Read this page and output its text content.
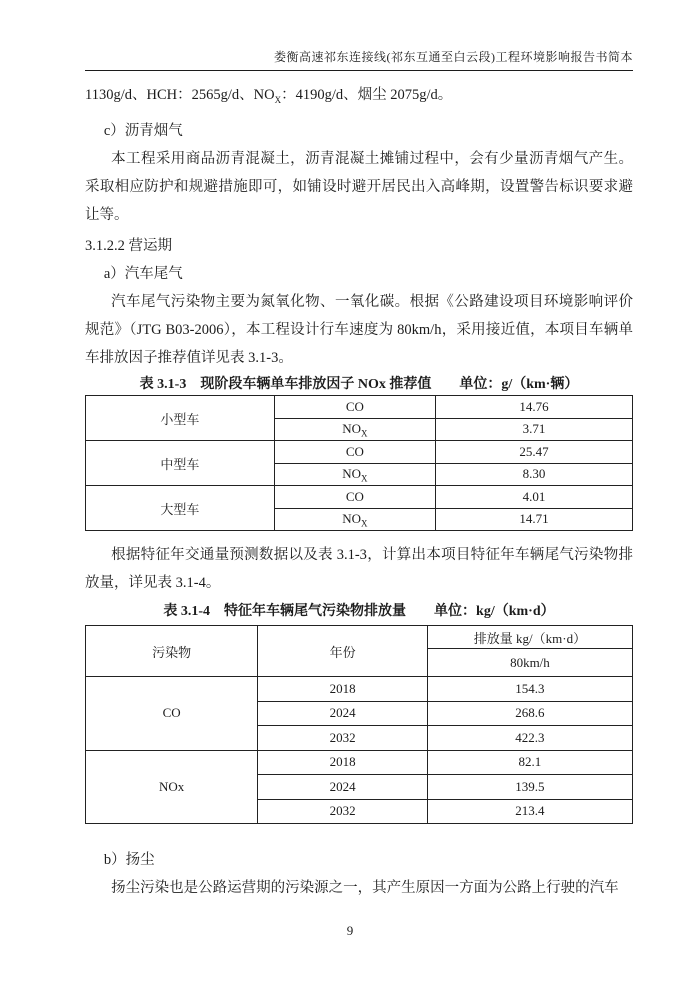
娄衡高速祁东连接线(祁东互通至白云段)工程环境影响报告书简本

1130g/d、HCH：2565g/d、$NO_X$：4190g/d、烟尘 2075g/d。

c）沥青烟气

本工程采用商品沥青混凝土，沥青混凝土摊铺过程中，会有少量沥青烟气产生。采取相应防护和规避措施即可，如铺设时避开居民出入高峰期，设置警告标识要求避让等。

3.1.2.2 营运期

a）汽车尾气

汽车尾气污染物主要为氮氧化物、一氧化碳。根据《公路建设项目环境影响评价规范》（JTG B03-2006），本工程设计行车速度为 80km/h，采用接近值，本项目车辆单车排放因子推荐值详见表 3.1-3。

表 3.1-3 现阶段车辆单车排放因子 NOx 推荐值 单位：g/（km·辆）
小型车	CO	14.76
	$NO_X$	3.71
中型车	CO	25.47
	$NO_X$	8.30
大型车	CO	4.01
	$NO_X$	14.71

根据特征年交通量预测数据以及表 3.1-3，计算出本项目特征年车辆尾气污染物排放量，详见表 3.1-4。

表 3.1-4 特征年车辆尾气污染物排放量 单位：kg/（km·d）
污染物	年份	排放量 kg/（km·d）
		80km/h
CO	2018	154.3
	2024	268.6
	2032	422.3
NOx	2018	82.1
	2024	139.5
	2032	213.4

b）扬尘

扬尘污染也是公路运营期的污染源之一，其产生原因一方面为公路上行驶的汽车

9
